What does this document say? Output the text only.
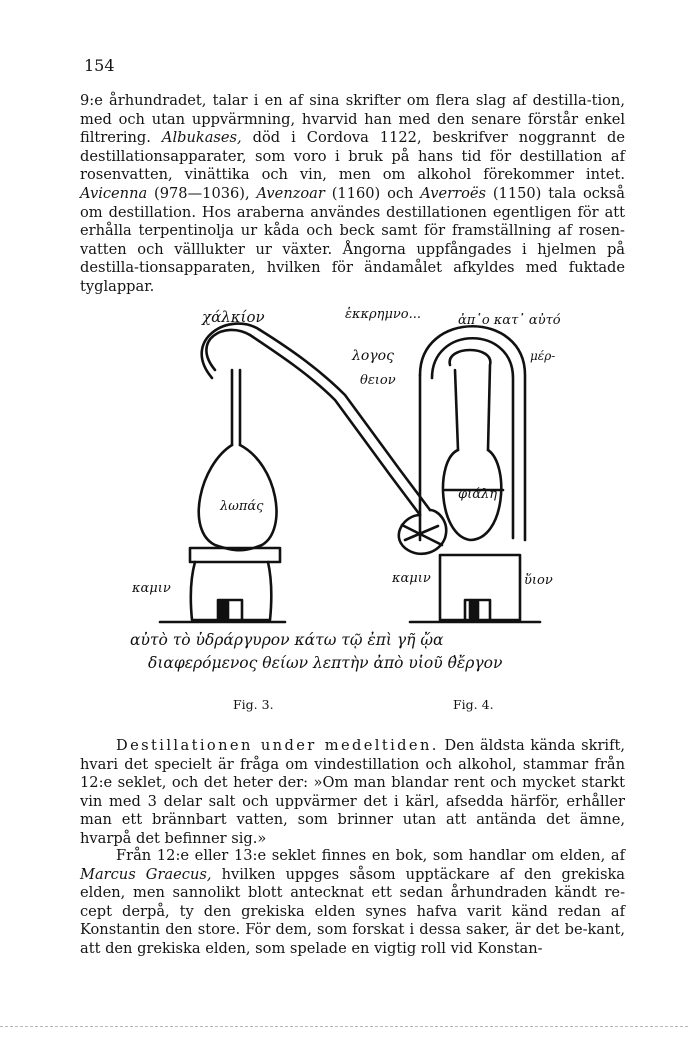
154

9:e århundradet, talar i en af sina skrifter om flera slag af destilla-tion, med och utan uppvärmning, hvarvid han med den senare förstår enkel filtrering. Albukases, död i Cordova 1122, beskrifver noggrannt de destillationsapparater, som voro i bruk på hans tid för destillation af rosenvatten, vinättika och vin, men om alkohol förekommer intet. Avicenna (978—1036), Avenzoar (1160) och Averroës (1150) tala också om destillation. Hos araberna användes destillationen egentligen för att erhålla terpentinolja ur kåda och beck samt för framställning af rosen-vatten och välllukter ur växter. Ångorna uppfångades i hjelmen på destilla-tionsapparaten, hvilken för ändamålet afkyldes med fuktade tyglappar.

χάλκίον
λωπάς
ἑκκρημνο...	ἀπ῾ο κατ᾽ αὐτό
λογος
θειον
μέρ-
φιάλη
καμιν
καμιν	ὕιον
αὐτὸ τὸ ὑδράργυρον κάτω τῷ ἐπὶ γῆ ᾤα
διαφερόμενος θείων λεπτὴν ἀπὸ υἱοῦ θ̓ἔργον
Fig. 3.	Fig. 4.

Destillationen under medeltiden. Den äldsta kända skrift, hvari det specielt är fråga om vindestillation och alkohol, stammar från 12:e seklet, och det heter der: »Om man blandar rent och mycket starkt vin med 3 delar salt och uppvärmer det i kärl, afsedda härför, erhåller man ett brännbart vatten, som brinner utan att antända det ämne, hvarpå det befinner sig.»

Från 12:e eller 13:e seklet finnes en bok, som handlar om elden, af Marcus Graecus, hvilken uppges såsom upptäckare af den grekiska elden, men sannolikt blott antecknat ett sedan århundraden kändt re-cept derpå, ty den grekiska elden synes hafva varit känd redan af Konstantin den store. För dem, som forskat i dessa saker, är det be-kant, att den grekiska elden, som spelade en vigtig roll vid Konstan-
